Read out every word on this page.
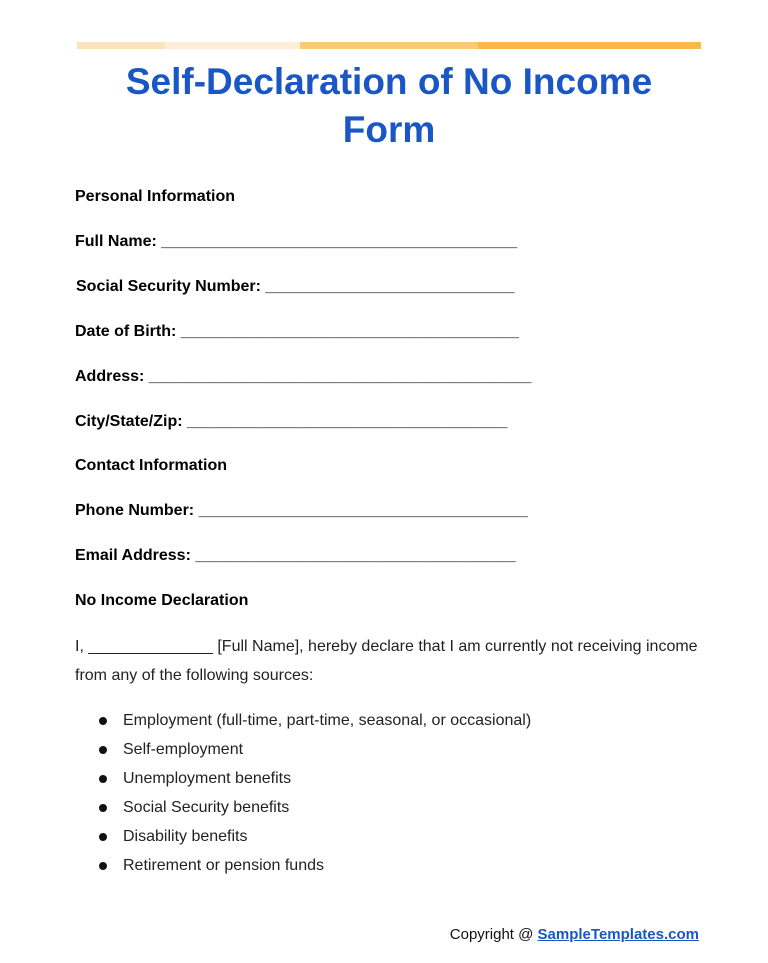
Self-Declaration of No Income Form

Personal Information

Full Name: ________________________________________

Social Security Number: ____________________________

Date of Birth: ______________________________________

Address: ___________________________________________

City/State/Zip: ____________________________________

Contact Information

Phone Number: _____________________________________

Email Address: ____________________________________

No Income Declaration

I, ______________ [Full Name], hereby declare that I am currently not receiving income from any of the following sources:

Employment (full-time, part-time, seasonal, or occasional)
Self-employment
Unemployment benefits
Social Security benefits
Disability benefits
Retirement or pension funds

Copyright @ SampleTemplates.com
